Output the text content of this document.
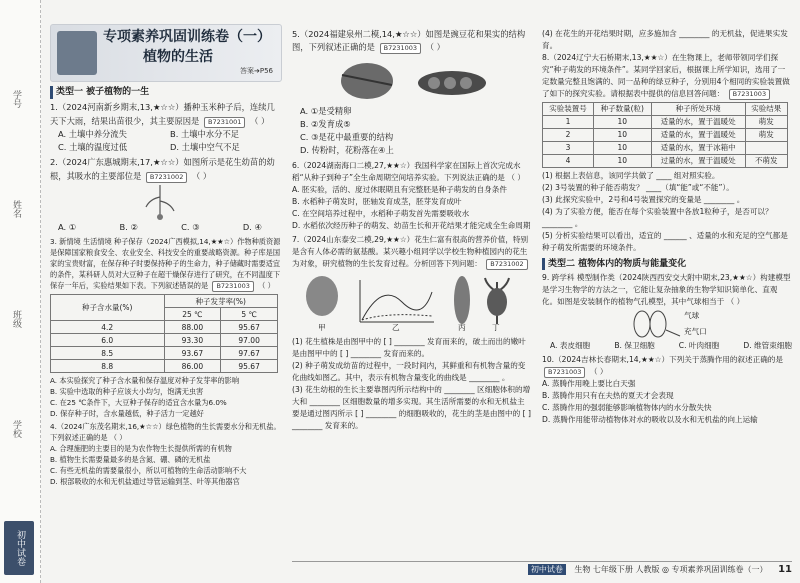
学号
姓名
班级
学校
初中试卷
专项素养巩固训练卷（一）
植物的生活
答案➔P56
类型一 被子植物的一生
1.（2024河南新乡期末,13,★☆☆）播种玉米种子后，连续几天下大雨，结果出苗很少，其主要原因是 B7231001 （ ）
A. 土壤中养分流失	B. 土壤中水分不足
C. 土壤的温度过低	D. 土壤中空气不足
2.（2024广东惠城期末,17,★☆☆）如图所示是花生幼苗的幼根，其吸水的主要部位是 B7231002 （ ）
A. ①	B. ②	C. ③	D. ④
3. 新情境 生活情境 种子保存（2024广西模拟,14,★★☆）作物种质资源是保障国家粮食安全、农业安全、科技安全的重要战略资源。种子库是国家的宝贵财富，在保存种子时要保持种子的生命力，种子储藏时需要适宜的条件，某科研人员对大豆种子在超干燥保存进行了研究，在不同温度下保存一年后，实验结果如下表。下列叙述错误的是 B7231003 （ ）
种子含水量(%)	种子发芽率(%)	
	25 ℃	5 ℃
4.2	88.00	95.67
6.0	93.30	97.00
8.5	93.67	97.67
8.8	86.00	95.67
A. 本实验探究了种子含水量和保存温度对种子发芽率的影响
B. 实验中选取的种子应该大小均匀，饱满无虫害
C. 在25 ℃条件下，大豆种子保存的适宜含水量为6.0%
D. 保存种子时，含水量越低，种子活力一定越好
4.（2024广东茂名期末,16,★☆☆）绿色植物的生长需要水分和无机盐。下列叙述正确的是 （ ）
A. 合理施肥的主要目的是为农作物生长提供所需的有机物
B. 植物生长需要量最多的是含氮、硼、磷的无机盐
C. 有些无机盐的需要量很小，所以可植物的生命活动影响不大
D. 根部吸收的水和无机盐通过导管运输到茎、叶等其他器官
5.（2024福建泉州二模,14,★☆☆）如图是豌豆花和果实的结构图，下列叙述正确的是 B7231003 （ ）
A. ①是受精卵
B. ②发育成⑤
C. ③是花中最重要的结构
D. 传粉时，花粉落在④上
6.（2024湖南海口二模,27,★★☆）我国科学家在国际上首次完成水稻“从种子到种子”全生命周期空间培养实验。下列说法正确的是 （ ）
A. 胚实验，活的、度过休眠期且有完整胚是种子萌发的自身条件
B. 水稻种子萌发时，胚轴发育成茎，胚芽发育成叶
C. 在空间培养过程中，水稻种子萌发首先需要吸收水
D. 水稻依次经历种子的萌发、幼苗生长和开花结果才能完成全生命周期
7.（2024山东泰安二模,29,★★☆）花生仁富有很高的营养价值，特别是含有人体必需的氨基酸。某兴趣小组同学以学校生物种植园内的花生为对象，研究植物的生长发育过程。分析回答下列问题： B7231002
甲	乙	丙	丁
(1) 花生植株是由图甲中的 [ ] ________ 发育而来的，破土而出的嫩叶是由图甲中的 [ ] ________ 发育而来的。
(2) 种子萌发成幼苗的过程中，一段时间内，其鲜重和有机物含量的变化曲线如图乙。其中，表示有机物含量变化的曲线是 ________ 。
(3) 花生幼根的生长主要靠图丙所示结构中的 ________ 区细胞体积的增大和 ________ 区细胞数量的增多实现。其生活所需要的水和无机盐主要是通过图丙所示 [ ] ________ 的细胞吸收的，花生的茎是由图中的 [ ] ________ 发育来的。
(4) 在花生的开花结果时期，应多施加含 ________ 的无机盐，促进果实发育。
8.（2024辽宁大石桥期末,13,★★☆）在生物课上，老师带领同学们探究“种子萌发的环境条件”。某同学回家后，根据课上所学知识，选用了一定数量完整且饱满的、同一品种的绿豆种子，分别用4个相同的实验装置做了如下的探究实验。请根据表中提供的信息回答问题： B7231003
实验装置号	种子数量(粒)	种子所处环境	实验结果
1	10	适量的水，置于温暖处	萌发
2	10	适量的水，置于温暖处	萌发
3	10	适量的水，置于冰箱中	
4	10	过量的水，置于温暖处	不萌发
(1) 根据上表信息，该同学共做了 ____ 组对照实验。
(2) 3号装置的种子能否萌发？ ____（填“能”或“不能”）。
(3) 此探究实验中，2号和4号装置探究的变量是 ________ 。
(4) 为了实验方便，能否在每个实验装置中各放1粒种子，是否可以？ ________ 。
(5) 分析实验结果可以看出，适宜的 ______ 、适量的水和充足的空气都是种子萌发所需要的环境条件。
类型二 植物体内的物质与能量变化
9. 跨学科 模型制作类（2024陕西西安交大附中期末,23,★★☆）构建模型是学习生物学的方法之一，它能让复杂抽象的生物学知识简单化、直观化。如图是安装制作的植物气孔模型，其中气球相当于 （ ）
气球
充气口
A. 表皮细胞	B. 保卫细胞	C. 叶肉细胞	D. 维管束细胞
10.（2024吉林长春期末,14,★★☆）下列关于蒸腾作用的叙述正确的是 B7231003 （ ）
A. 蒸腾作用晚上要比白天强
B. 蒸腾作用只有在夫热的夏天才会表现
C. 蒸腾作用的强弱能够影响植物体内的水分散失快
D. 蒸腾作用能带动植物体对水的吸收以及水和无机盐的向上运输
初中试卷 生物 七年级下册 人教版 ◎ 专项素养巩固训练卷（一） 11
